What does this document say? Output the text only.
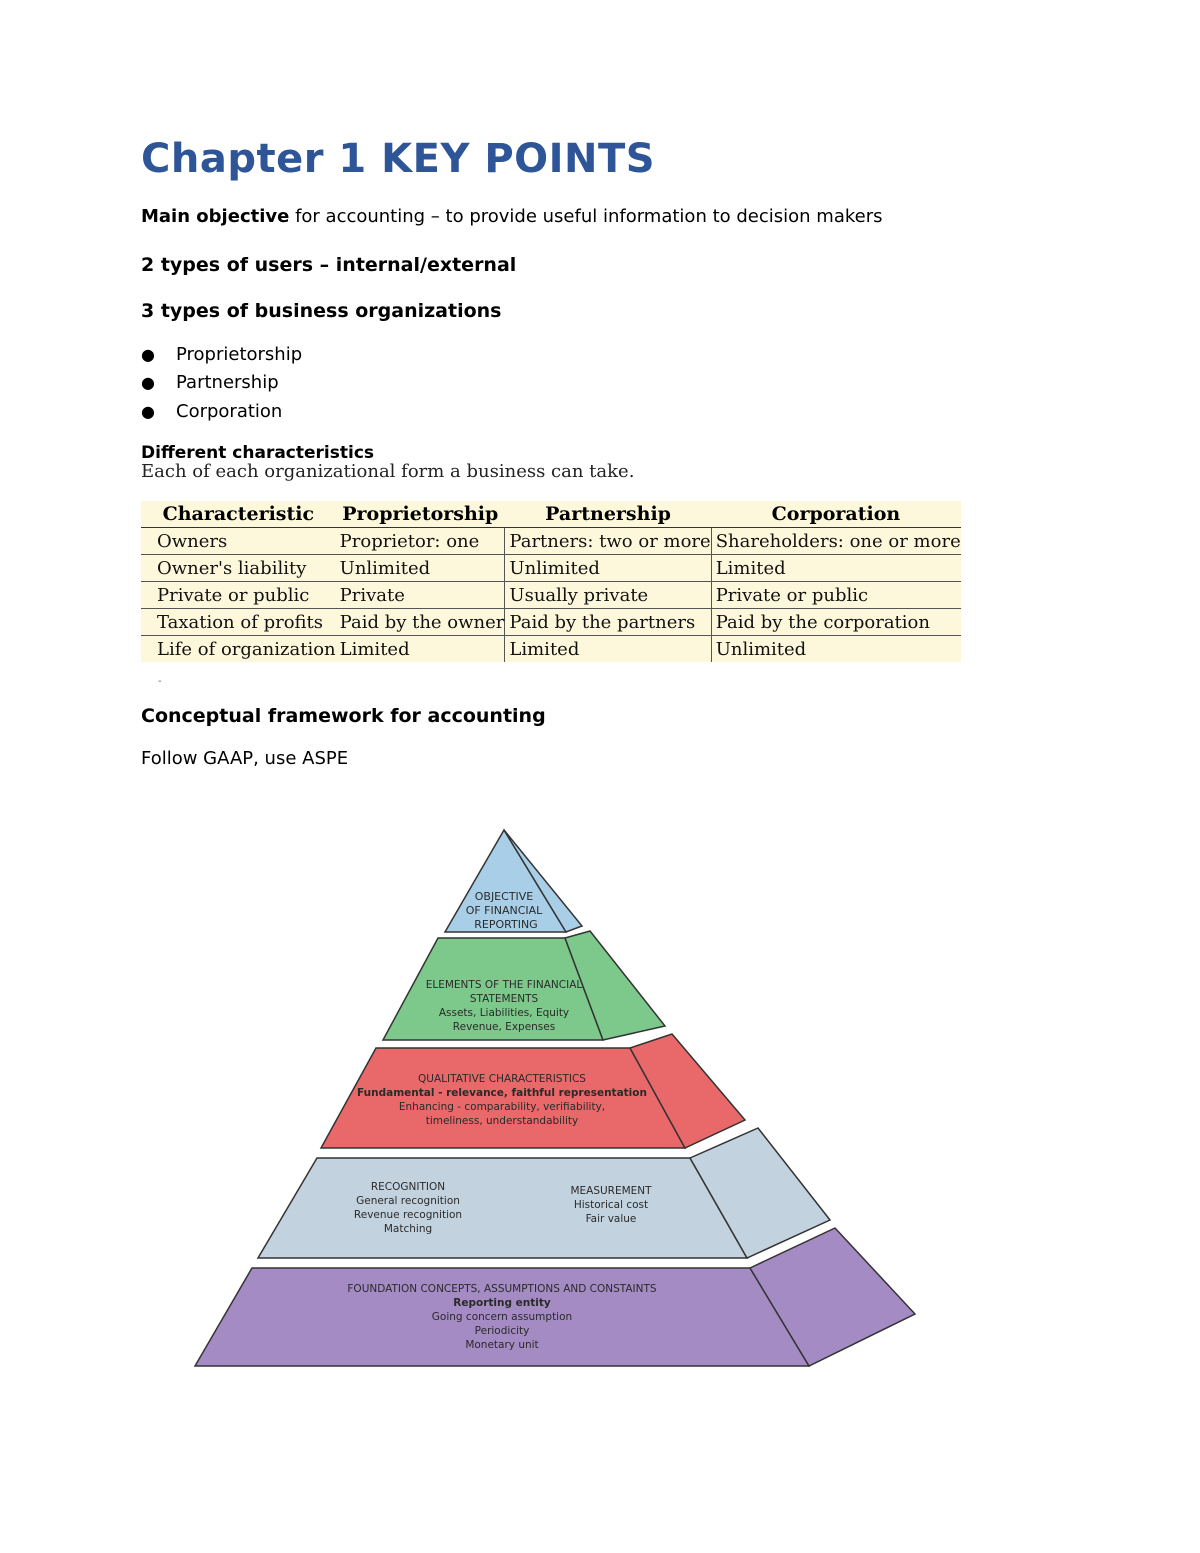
Chapter 1 KEY POINTS
Main objective for accounting – to provide useful information to decision makers
2 types of users – internal/external
3 types of business organizations
●	Proprietorship
●	Partnership
●	Corporation
Different characteristics
Each of each organizational form a business can take.
Characteristic	Proprietorship	Partnership	Corporation
Owners	Proprietor: one	Partners: two or more	Shareholders: one or more
Owner's liability	Unlimited	Unlimited	Limited
Private or public	Private	Usually private	Private or public
Taxation of profits	Paid by the owner	Paid by the partners	Paid by the corporation
Life of organization	Limited	Limited	Unlimited
-
Conceptual framework for accounting
Follow GAAP, use ASPE
OBJECTIVE
OF FINANCIAL
REPORTING
ELEMENTS OF THE FINANCIAL
STATEMENTS
Assets, Liabilities, Equity
Revenue, Expenses
QUALITATIVE CHARACTERISTICS
Fundamental - relevance, faithful representation
Enhancing - comparability, verifiability,
timeliness, understandability
RECOGNITION
General recognition
Revenue recognition
Matching
MEASUREMENT
Historical cost
Fair value
FOUNDATION CONCEPTS, ASSUMPTIONS AND CONSTAINTS
Reporting entity
Going concern assumption
Periodicity
Monetary unit
